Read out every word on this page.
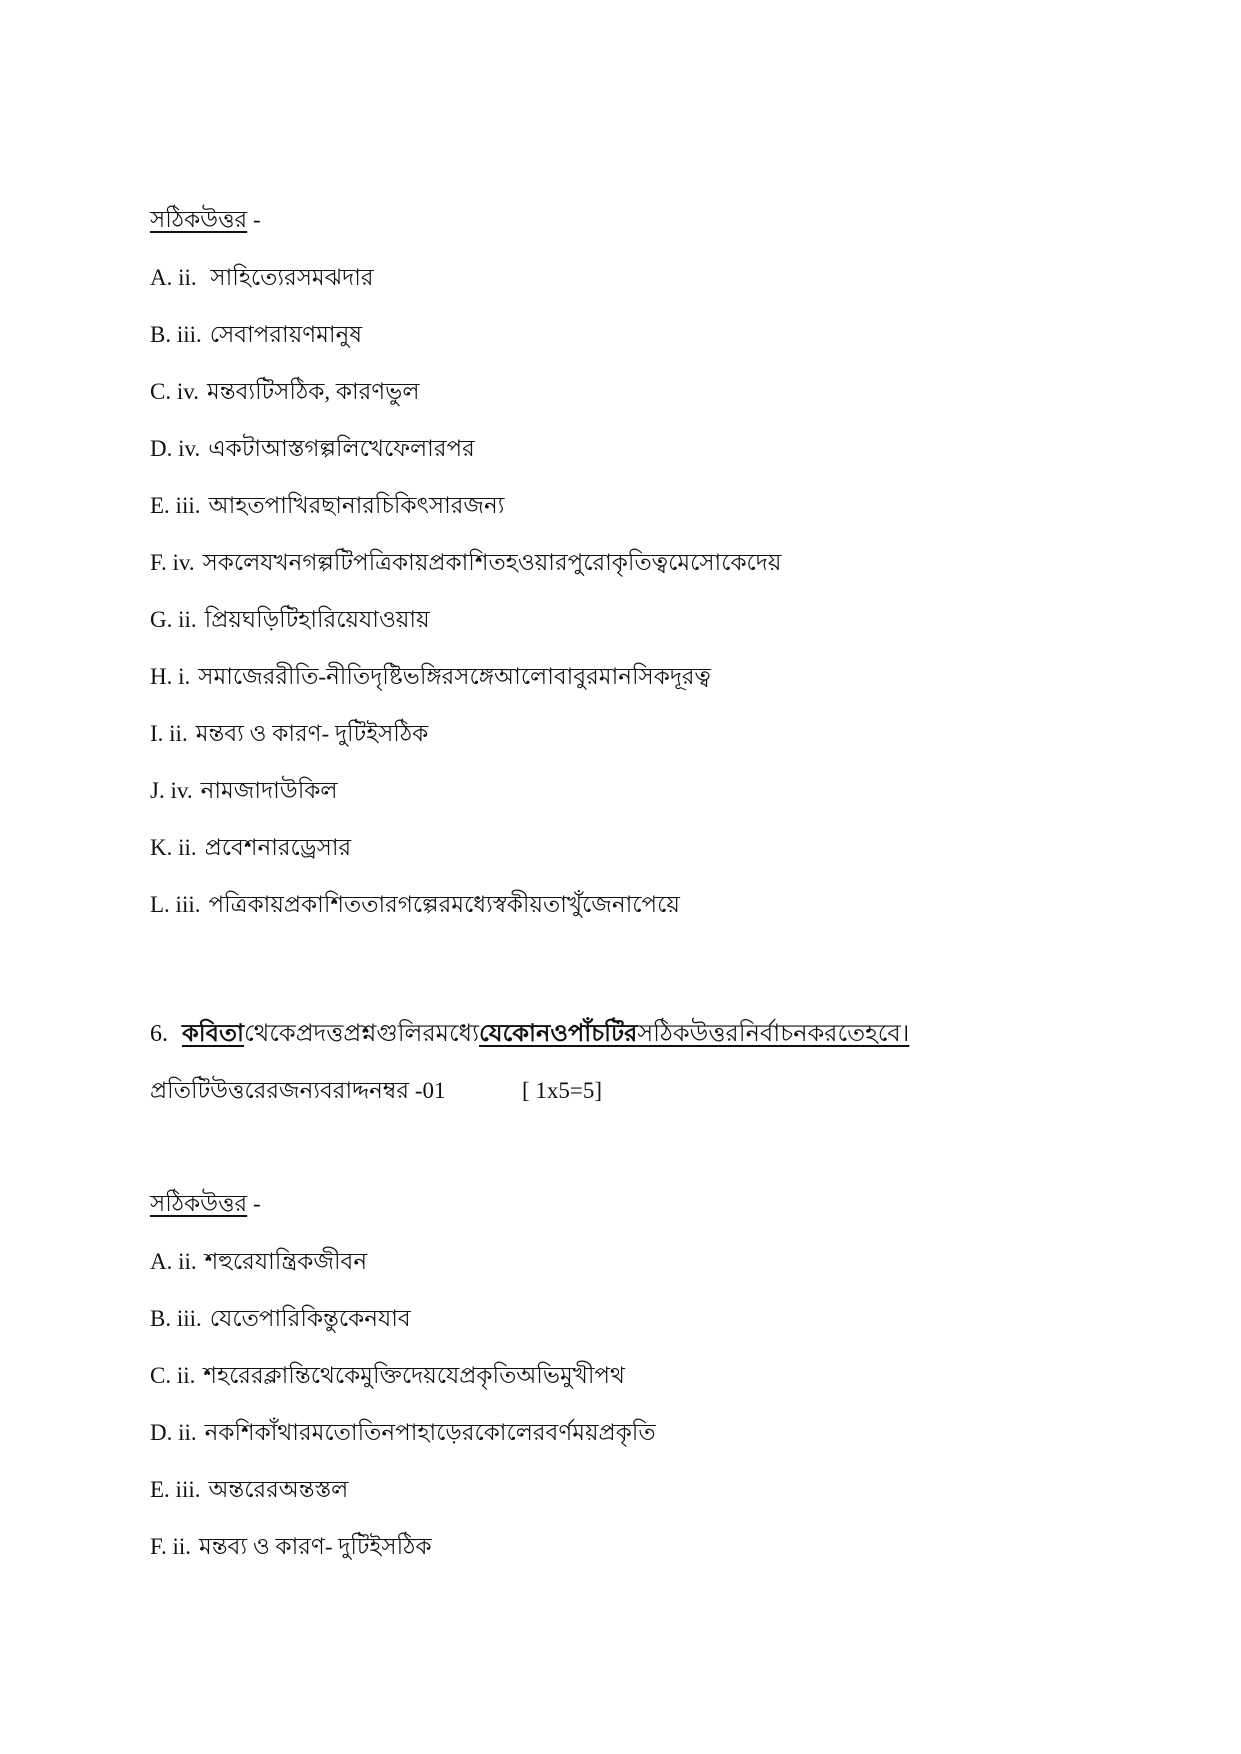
সঠিকউত্তর -
A. ii. সাহিত্যেরসমঝদার
B. iii. সেবাপরায়ণমানুষ
C. iv. মন্তব্যটিসঠিক, কারণভুল
D. iv. একটাআস্তগল্পলিখেফেলারপর
E. iii. আহতপাখিরছানারচিকিৎসারজন্য
F. iv. সকলেযখনগল্পটিপত্রিকায়প্রকাশিতহওয়ারপুরোকৃতিত্বমেসোকেদেয়
G. ii. প্রিয়ঘড়িটিহারিয়েযাওয়ায়
H. i. সমাজেররীতি-নীতিদৃষ্টিভঙ্গিরসঙ্গেআলোবাবুরমানসিকদূরত্ব
I. ii. মন্তব্য ও কারণ- দুটিইসঠিক
J. iv. নামজাদাউকিল
K. ii. প্রবেশনারড্রেসার
L. iii. পত্রিকায়প্রকাশিততারগল্পেরমধ্যেস্বকীয়তাখুঁজেনাপেয়ে
6. কবিতাথেকেপ্রদত্তপ্রশ্নগুলিরমধ্যেযেকোনওপাঁচটিরসঠিকউত্তরনির্বাচনকরতেহবে।
প্রতিটিউত্তরেরজন্যবরাদ্দনম্বর -01	[ 1x5=5]
সঠিকউত্তর -
A. ii. শহুরেযান্ত্রিকজীবন
B. iii. যেতেপারিকিন্তুকেনযাব
C. ii. শহরেরক্লান্তিথেকেমুক্তিদেয়যেপ্রকৃতিঅভিমুখীপথ
D. ii. নকশিকাঁথারমতোতিনপাহাড়েরকোলেরবর্ণময়প্রকৃতি
E. iii. অন্তরেরঅন্তস্তল
F. ii. মন্তব্য ও কারণ- দুটিইসঠিক
